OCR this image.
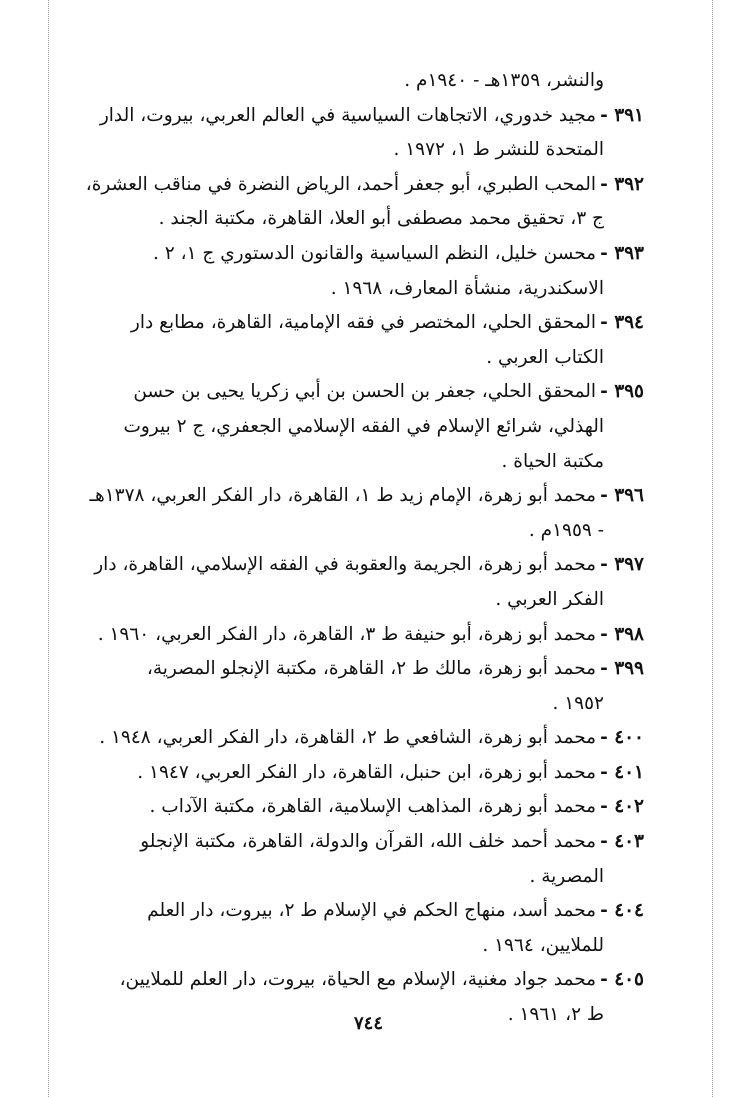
والنشر، ١٣٥٩هـ - ١٩٤٠م .

٣٩١ -مجيد خدوري، الاتجاهات السياسية في العالم العربي، بيروت، الدار
المتحدة للنشر ط ١، ١٩٧٢ .

٣٩٢ -المحب الطبري، أبو جعفر أحمد، الرياض النضرة في مناقب العشرة،
ج ٣، تحقيق محمد مصطفى أبو العلا، القاهرة، مكتبة الجند .

٣٩٣ -محسن خليل، النظم السياسية والقانون الدستوري ج ١، ٢ .
الاسكندرية، منشأة المعارف، ١٩٦٨ .

٣٩٤ -المحقق الحلي، المختصر في فقه الإمامية، القاهرة، مطابع دار
الكتاب العربي .

٣٩٥ -المحقق الحلي، جعفر بن الحسن بن أبي زكريا يحيى بن حسن
الهذلي، شرائع الإسلام في الفقه الإسلامي الجعفري، ج ٢ بيروت
مكتبة الحياة .

٣٩٦ -محمد أبو زهرة، الإمام زيد ط ١، القاهرة، دار الفكر العربي، ١٣٧٨هـ
- ١٩٥٩م .

٣٩٧ -محمد أبو زهرة، الجريمة والعقوبة في الفقه الإسلامي، القاهرة، دار
الفكر العربي .

٣٩٨ -محمد أبو زهرة، أبو حنيفة ط ٣، القاهرة، دار الفكر العربي، ١٩٦٠ .

٣٩٩ -محمد أبو زهرة، مالك ط ٢، القاهرة، مكتبة الإنجلو المصرية،
١٩٥٢ .

٤٠٠ -محمد أبو زهرة، الشافعي ط ٢، القاهرة، دار الفكر العربي، ١٩٤٨ .

٤٠١ -محمد أبو زهرة، ابن حنبل، القاهرة، دار الفكر العربي، ١٩٤٧ .

٤٠٢ -محمد أبو زهرة، المذاهب الإسلامية، القاهرة، مكتبة الآداب .

٤٠٣ -محمد أحمد خلف الله، القرآن والدولة، القاهرة، مكتبة الإنجلو
المصرية .

٤٠٤ -محمد أسد، منهاج الحكم في الإسلام ط ٢، بيروت، دار العلم
للملايين، ١٩٦٤ .

٤٠٥ -محمد جواد مغنية، الإسلام مع الحياة، بيروت، دار العلم للملايين،
ط ٢، ١٩٦١ .

٧٤٤
